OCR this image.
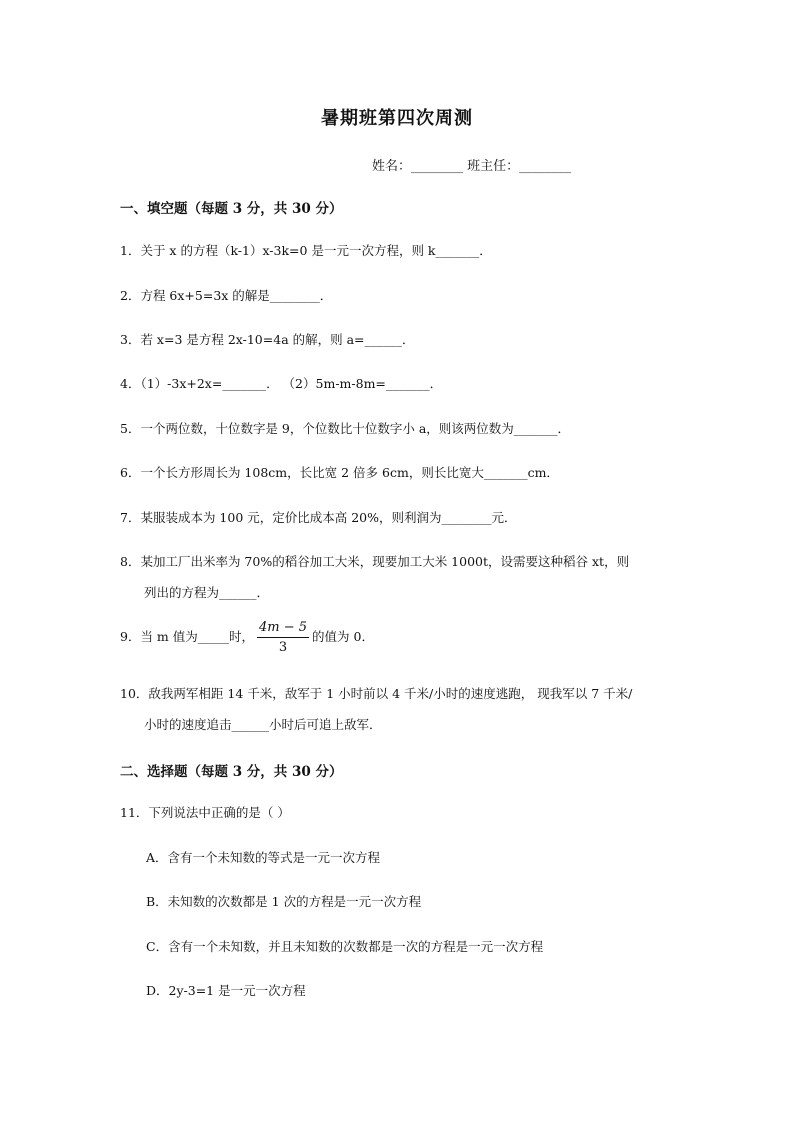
暑期班第四次周测
姓名：________ 班主任：________
一、填空题（每题 3 分，共 30 分）
1．关于 x 的方程（k-1）x-3k=0 是一元一次方程，则 k_______．
2．方程 6x+5=3x 的解是________．
3．若 x=3 是方程 2x-10=4a 的解，则 a=______．
4．（1）-3x+2x=_______． （2）5m-m-8m=_______．
5．一个两位数，十位数字是 9，个位数比十位数字小 a，则该两位数为_______．
6．一个长方形周长为 108cm，长比宽 2 倍多 6cm，则长比宽大_______cm．
7．某服装成本为 100 元，定价比成本高 20%，则利润为________元．
8．某加工厂出米率为 70%的稻谷加工大米，现要加工大米 1000t，设需要这种稻谷 xt，则
列出的方程为______．
9．当 m 值为_____时， $\frac{4m - 5}{3}$ 的值为 0．
10．敌我两军相距 14 千米，敌军于 1 小时前以 4 千米/小时的速度逃跑， 现我军以 7 千米/
小时的速度追击______小时后可追上敌军．
二、选择题（每题 3 分，共 30 分）
11．下列说法中正确的是（ ）
A．含有一个未知数的等式是一元一次方程
B．未知数的次数都是 1 次的方程是一元一次方程
C．含有一个未知数，并且未知数的次数都是一次的方程是一元一次方程
D．2y-3=1 是一元一次方程
